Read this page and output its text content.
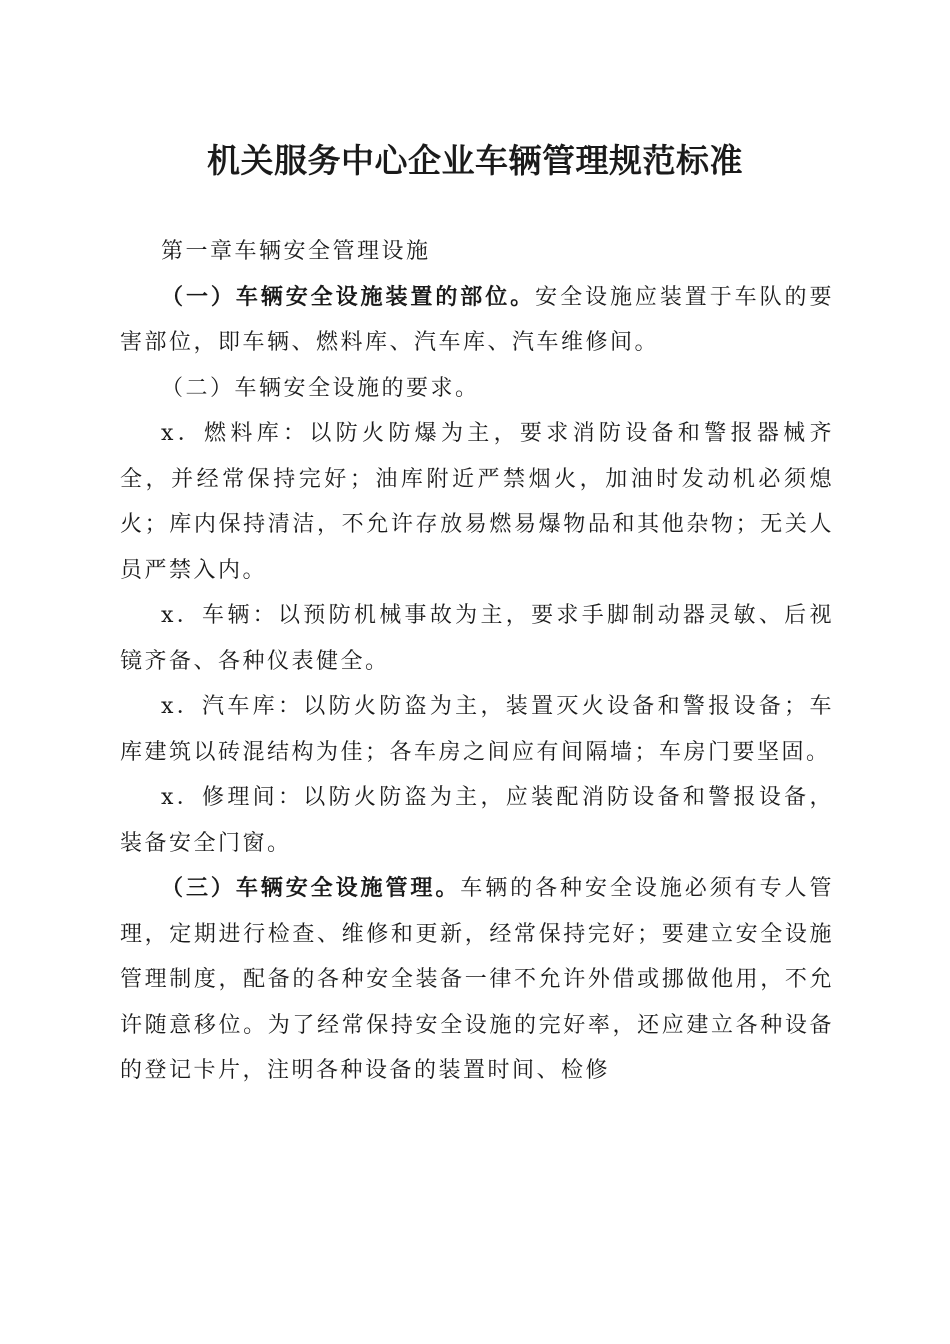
机关服务中心企业车辆管理规范标准

第一章车辆安全管理设施

（一）车辆安全设施装置的部位。安全设施应装置于车队的要害部位，即车辆、燃料库、汽车库、汽车维修间。

（二）车辆安全设施的要求。

x．燃料库：以防火防爆为主，要求消防设备和警报器械齐全，并经常保持完好；油库附近严禁烟火，加油时发动机必须熄火；库内保持清洁，不允许存放易燃易爆物品和其他杂物；无关人员严禁入内。

x．车辆：以预防机械事故为主，要求手脚制动器灵敏、后视镜齐备、各种仪表健全。

x．汽车库：以防火防盗为主，装置灭火设备和警报设备；车库建筑以砖混结构为佳；各车房之间应有间隔墙；车房门要坚固。

x．修理间：以防火防盗为主，应装配消防设备和警报设备，装备安全门窗。

（三）车辆安全设施管理。车辆的各种安全设施必须有专人管理，定期进行检查、维修和更新，经常保持完好；要建立安全设施管理制度，配备的各种安全装备一律不允许外借或挪做他用，不允许随意移位。为了经常保持安全设施的完好率，还应建立各种设备的登记卡片，注明各种设备的装置时间、检修
